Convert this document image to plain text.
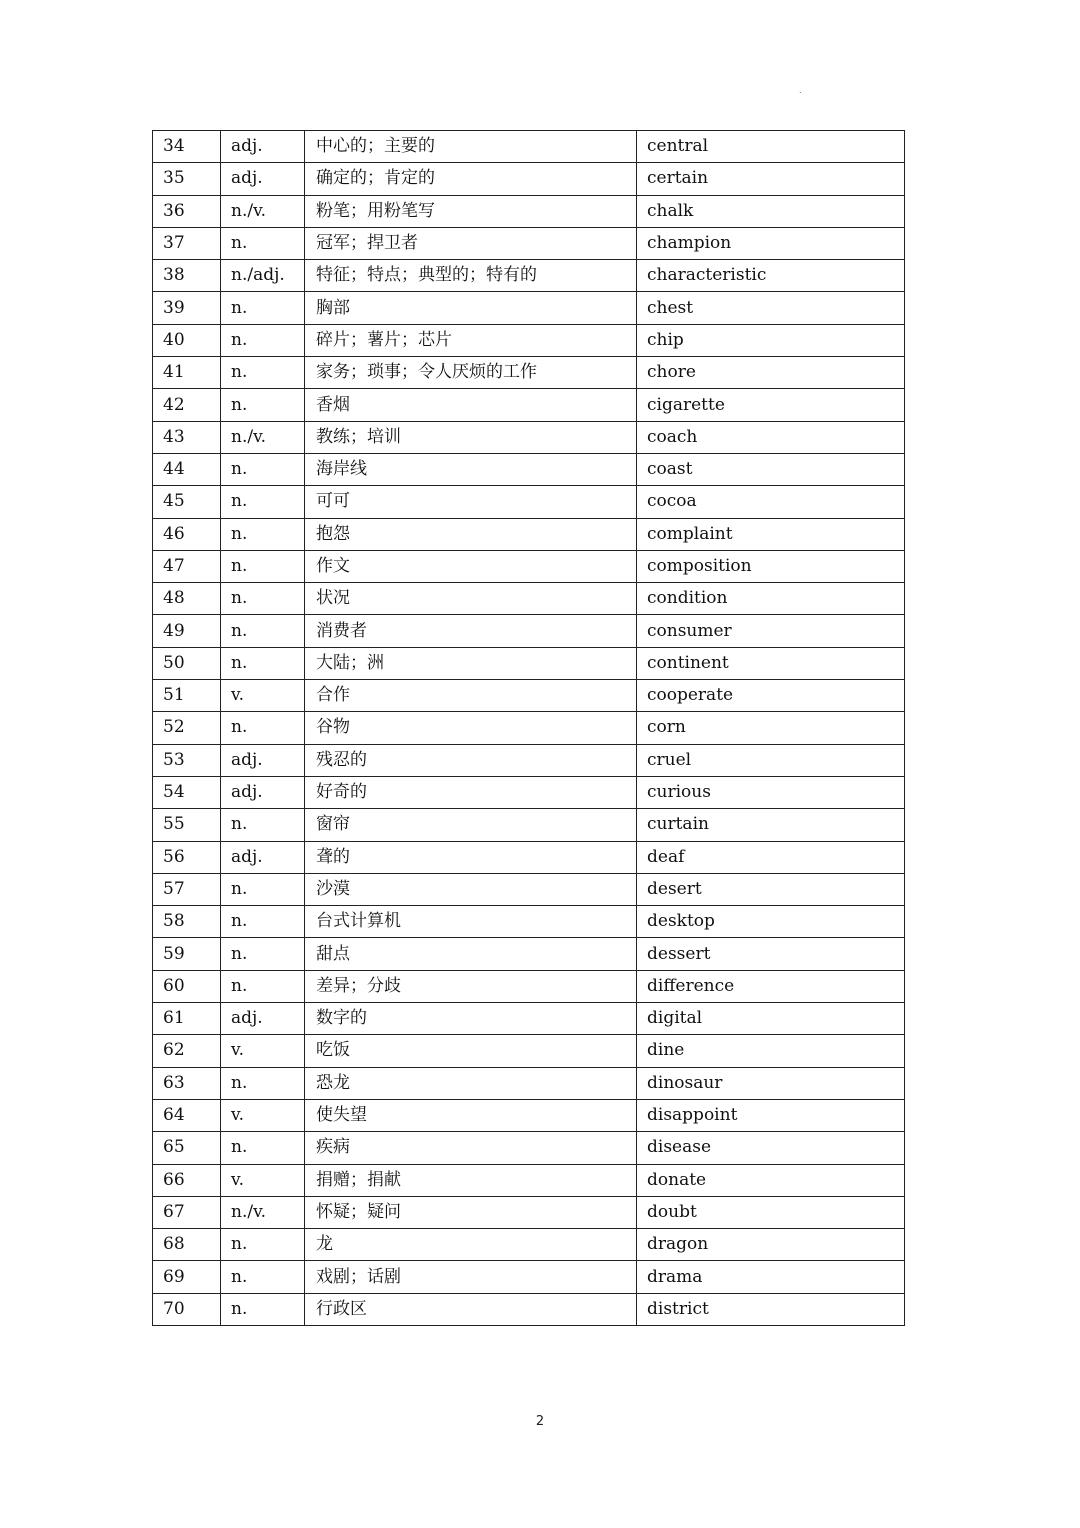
.
34	adj.	中心的；主要的	central
35	adj.	确定的；肯定的	certain
36	n./v.	粉笔；用粉笔写	chalk
37	n.	冠军；捍卫者	champion
38	n./adj.	特征；特点；典型的；特有的	characteristic
39	n.	胸部	chest
40	n.	碎片；薯片；芯片	chip
41	n.	家务；琐事；令人厌烦的工作	chore
42	n.	香烟	cigarette
43	n./v.	教练；培训	coach
44	n.	海岸线	coast
45	n.	可可	cocoa
46	n.	抱怨	complaint
47	n.	作文	composition
48	n.	状况	condition
49	n.	消费者	consumer
50	n.	大陆；洲	continent
51	v.	合作	cooperate
52	n.	谷物	corn
53	adj.	残忍的	cruel
54	adj.	好奇的	curious
55	n.	窗帘	curtain
56	adj.	聋的	deaf
57	n.	沙漠	desert
58	n.	台式计算机	desktop
59	n.	甜点	dessert
60	n.	差异；分歧	difference
61	adj.	数字的	digital
62	v.	吃饭	dine
63	n.	恐龙	dinosaur
64	v.	使失望	disappoint
65	n.	疾病	disease
66	v.	捐赠；捐献	donate
67	n./v.	怀疑；疑问	doubt
68	n.	龙	dragon
69	n.	戏剧；话剧	drama
70	n.	行政区	district
2
